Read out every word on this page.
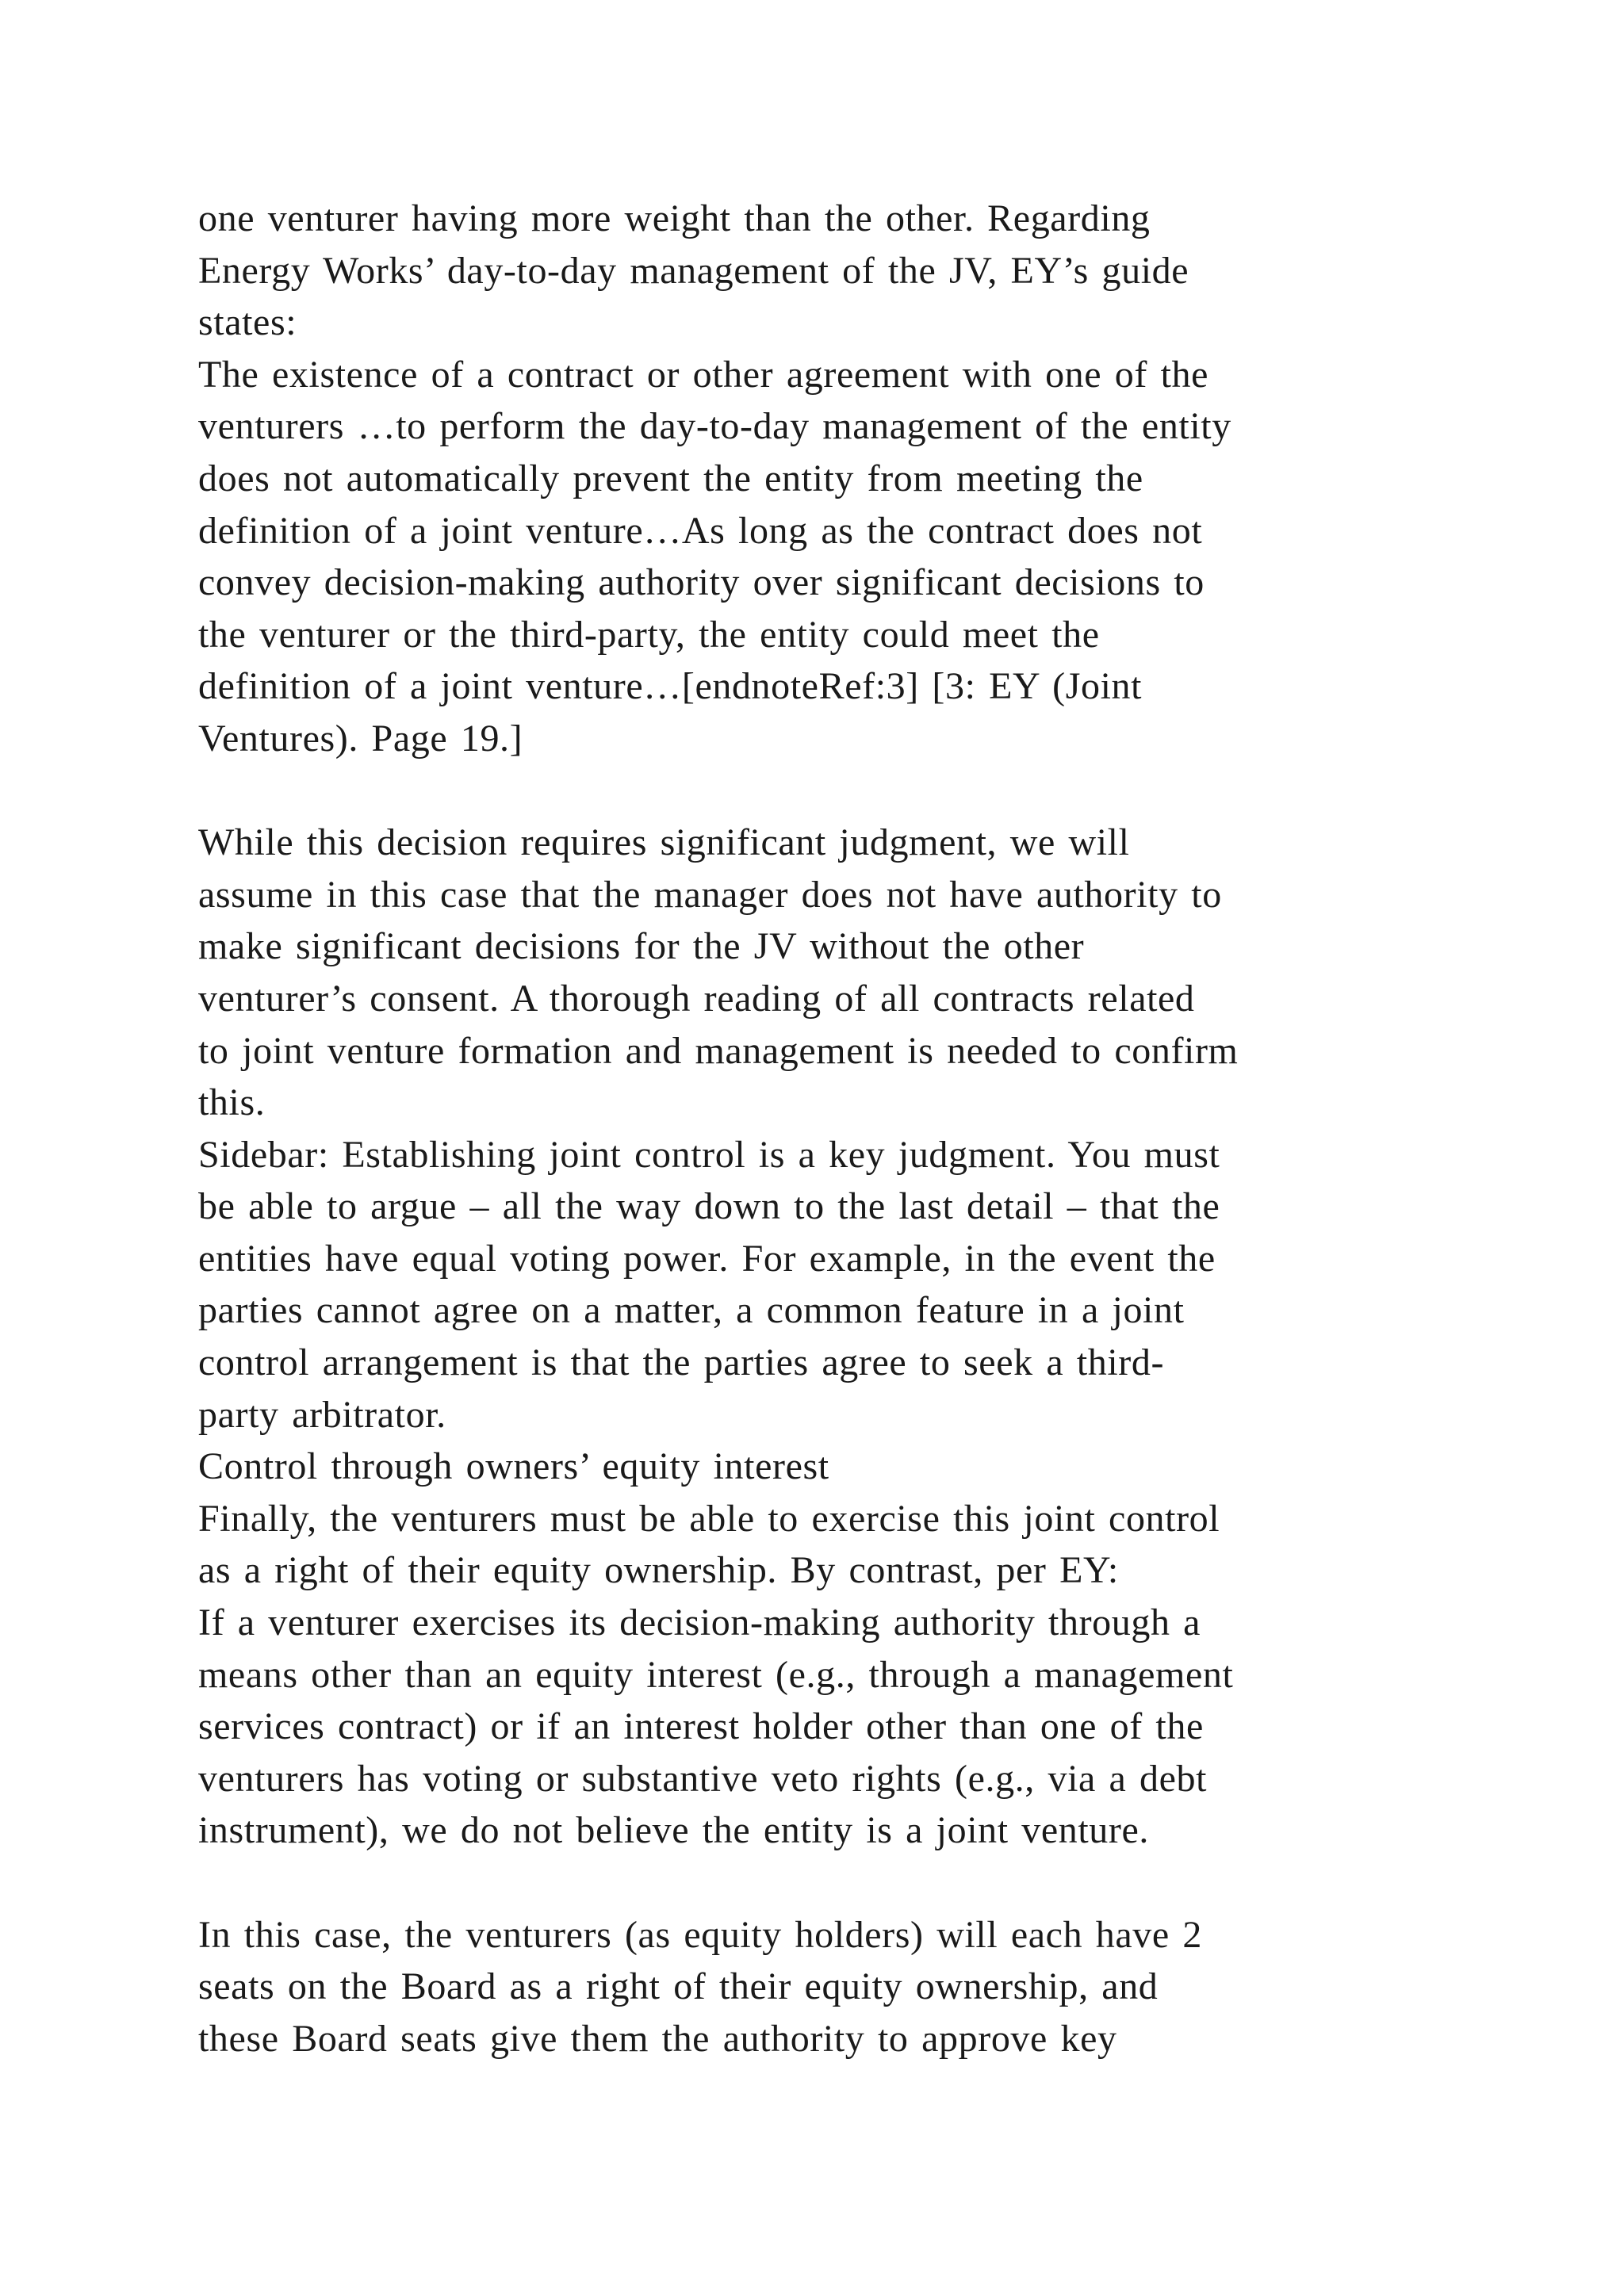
one venturer having more weight than the other. Regarding
Energy Works’ day-to-day management of the JV, EY’s guide
states:
The existence of a contract or other agreement with one of the
venturers …to perform the day-to-day management of the entity
does not automatically prevent the entity from meeting the
definition of a joint venture…As long as the contract does not
convey decision-making authority over significant decisions to
the venturer or the third-party, the entity could meet the
definition of a joint venture…[endnoteRef:3] [3: EY (Joint
Ventures). Page 19.]
While this decision requires significant judgment, we will
assume in this case that the manager does not have authority to
make significant decisions for the JV without the other
venturer’s consent. A thorough reading of all contracts related
to joint venture formation and management is needed to confirm
this.
Sidebar: Establishing joint control is a key judgment. You must
be able to argue – all the way down to the last detail – that the
entities have equal voting power. For example, in the event the
parties cannot agree on a matter, a common feature in a joint
control arrangement is that the parties agree to seek a third-
party arbitrator.
Control through owners’ equity interest
Finally, the venturers must be able to exercise this joint control
as a right of their equity ownership. By contrast, per EY:
If a venturer exercises its decision-making authority through a
means other than an equity interest (e.g., through a management
services contract) or if an interest holder other than one of the
venturers has voting or substantive veto rights (e.g., via a debt
instrument), we do not believe the entity is a joint venture.
In this case, the venturers (as equity holders) will each have 2
seats on the Board as a right of their equity ownership, and
these Board seats give them the authority to approve key
